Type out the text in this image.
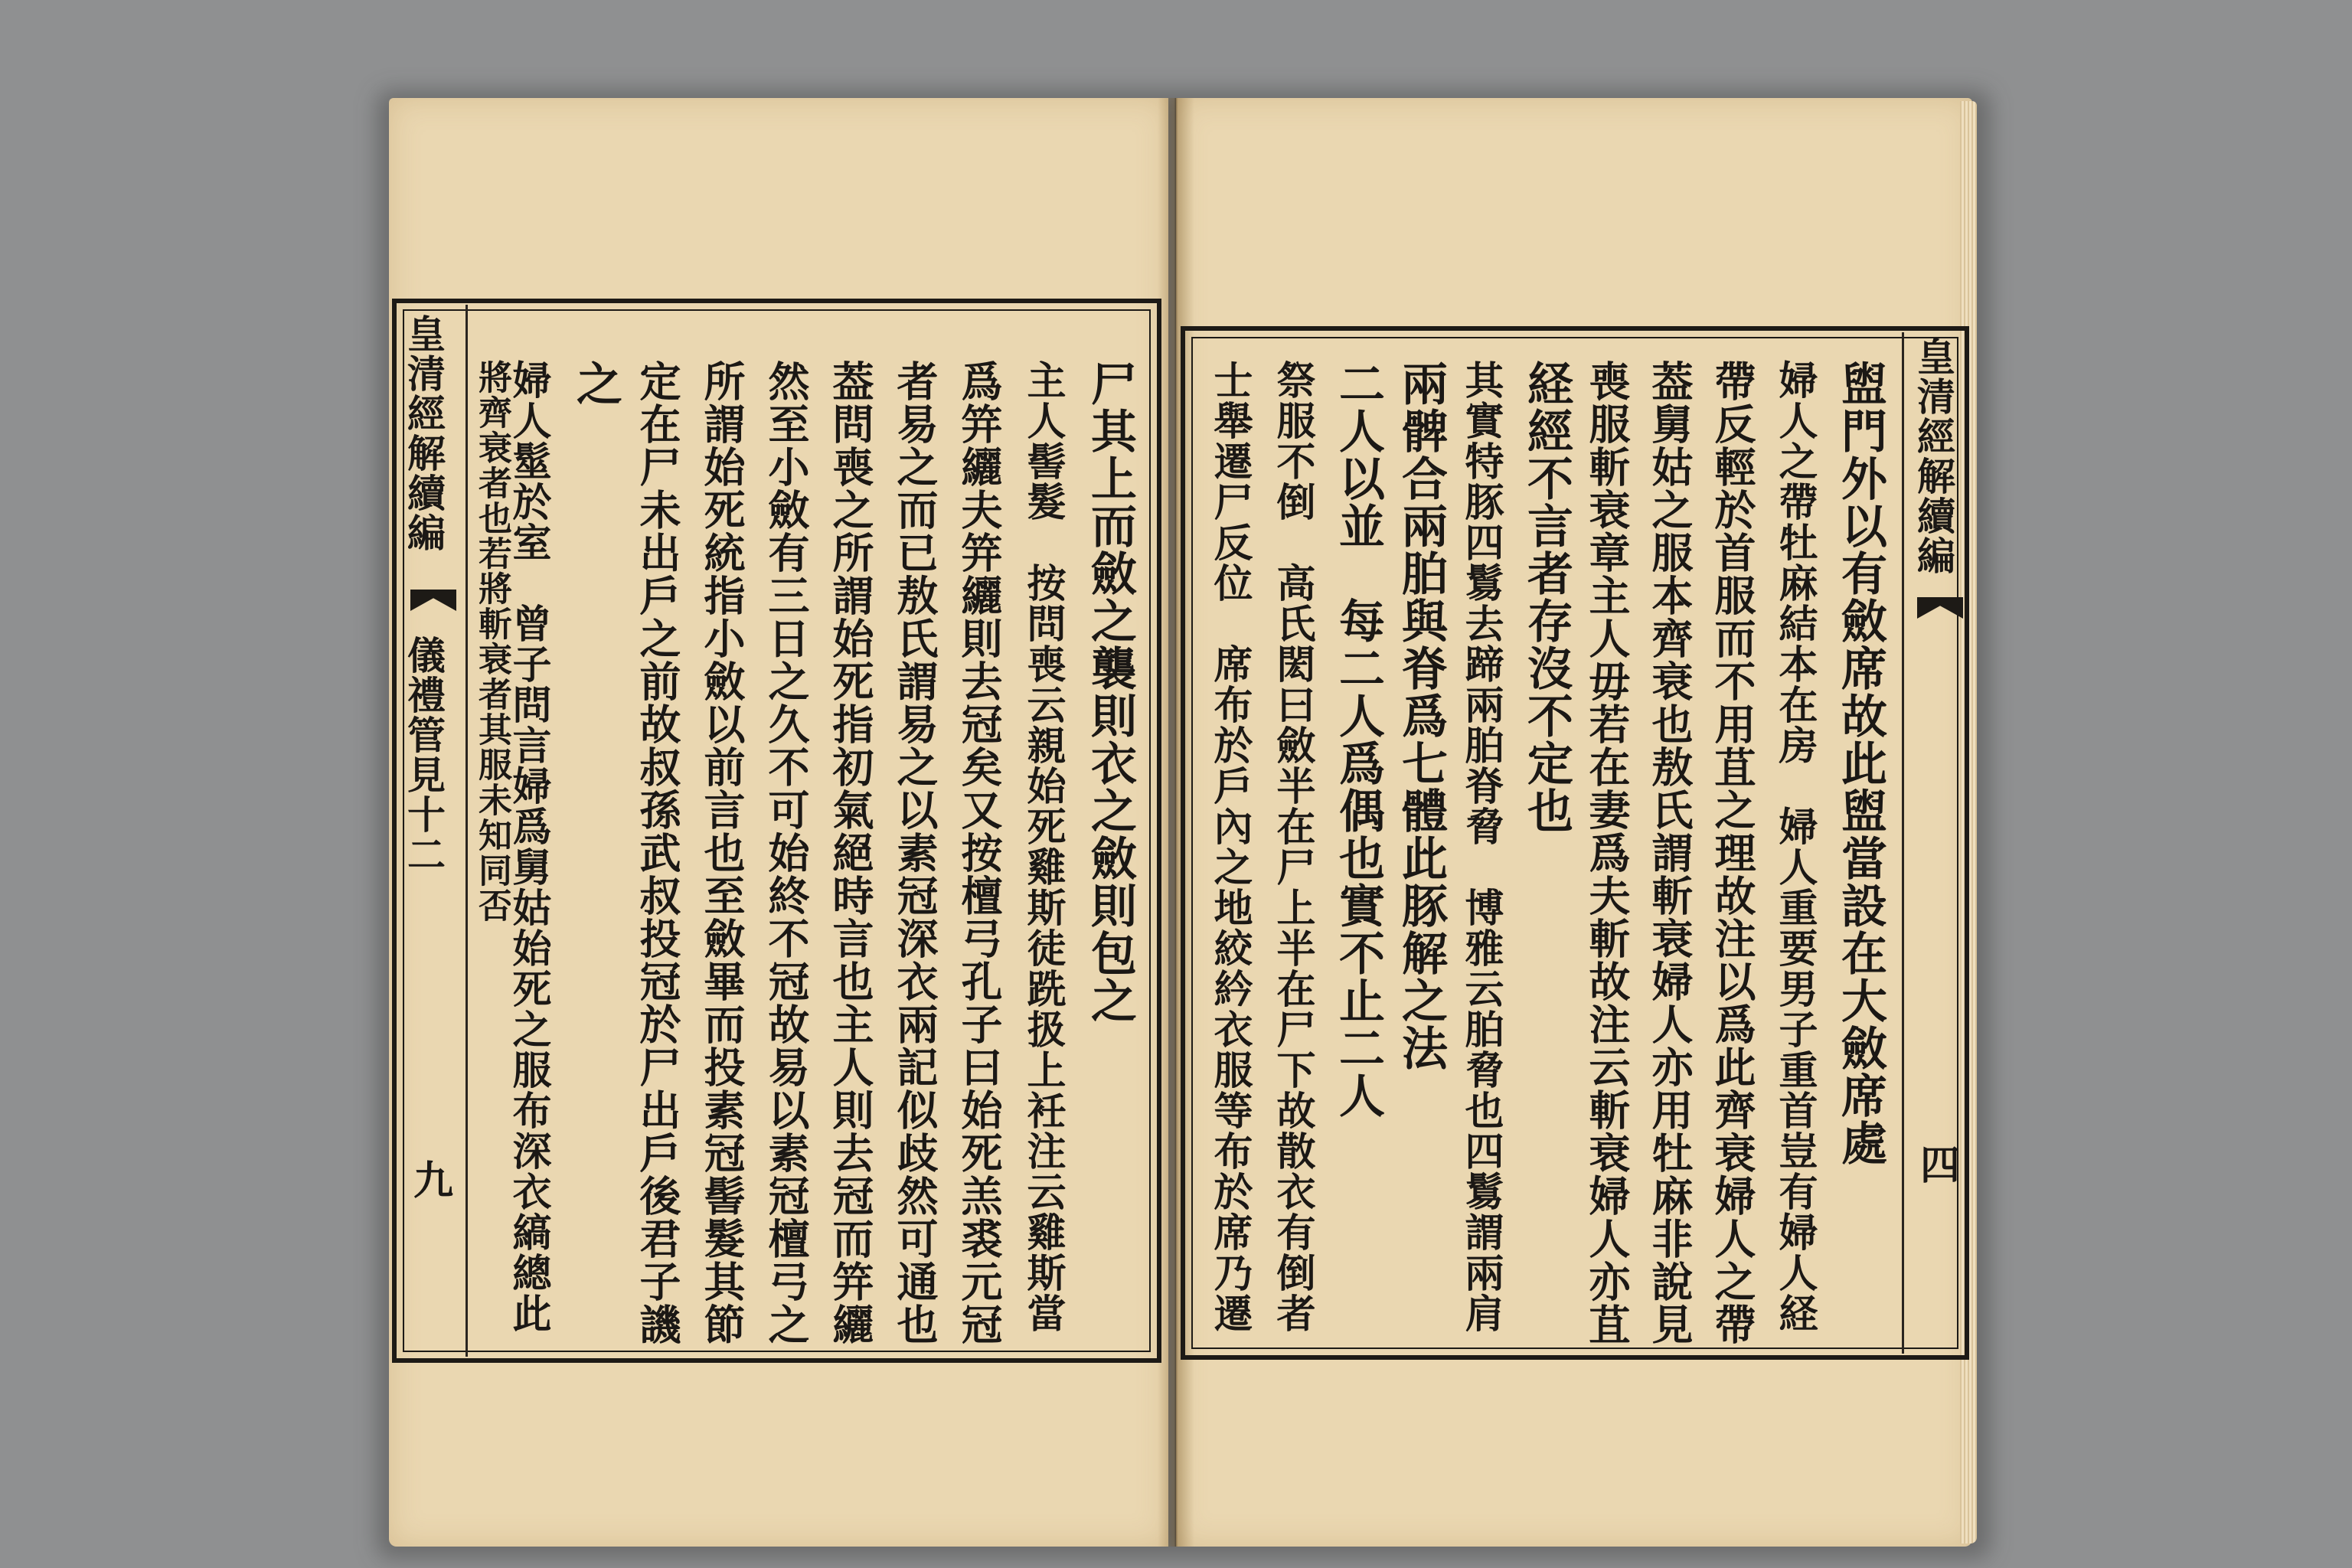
皇清經解續編
儀禮管見十二
九
尸其上而斂之襲則衣之斂則包之
主人髻髮　按問喪云親始死雞斯徒跣扱上衽注云雞斯當
爲笄纚夫笄纚則去冠矣又按檀弓孔子曰始死羔裘元冠
者易之而已敖氏謂易之以素冠深衣兩記似歧然可通也
葢問喪之所謂始死指初氣絕時言也主人則去冠而笄纚
然至小斂有三日之久不可始終不冠故易以素冠檀弓之
所謂始死統指小斂以前言也至斂畢而投素冠髻髮其節
定在尸未出戶之前故叔孫武叔投冠於尸出戶後君子譏
之
婦人髽於室　曾子問言婦爲舅姑始死之服布深衣縞總此
將齊衰者也若將斬衰者其服未知同否	皇清經解續編
四
盥門外以有斂席故此盥當設在大斂席處
婦人之帶牡麻結本在房　婦人重要男子重首豈有婦人経
帶反輕於首服而不用苴之理故注以爲此齊衰婦人之帶
葢舅姑之服本齊衰也敖氏謂斬衰婦人亦用牡麻非說見
喪服斬衰章主人毋若在妻爲夫斬故注云斬衰婦人亦苴
経經不言者存沒不定也
其實特豚四鬄去蹄兩胉脊脅　博雅云胉脅也四鬄謂兩肩
兩髀合兩胉與脊爲七體此豚解之法
二人以並　每二人爲偶也實不止二人
祭服不倒　高氏閎曰斂半在尸上半在尸下故散衣有倒者
士舉遷尸反位　席布於戶內之地絞紟衣服等布於席乃遷
